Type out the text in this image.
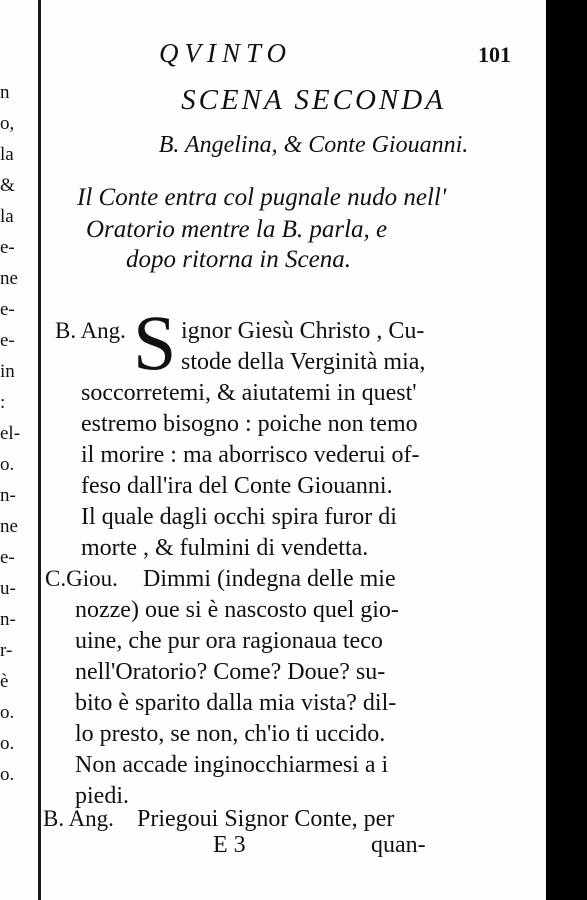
n
o,
la
&
la
e-
ne
e-
e-
in
:
el-
o.
n-
ne
e-
u-
n-
r-
è
o.
o.
o.
QVINTO	101
SCENA SECONDA
B. Angelina, & Conte Giouanni.
Il Conte entra col pugnale nudo nell'
Oratorio mentre la B. parla, e
dopo ritorna in Scena.
B. Ang. S ignor Giesù Christo , Cu-
stode della Verginità mia,
soccorretemi, & aiutatemi in quest'
estremo bisogno : poiche non temo
il morire : ma aborrisco vederui of-
feso dall'ira del Conte Giouanni.
Il quale dagli occhi spira furor di
morte , & fulmini di vendetta.
C.Giou. Dimmi (indegna delle mie
nozze) oue si è nascosto quel gio-
uine, che pur ora ragionaua teco
nell'Oratorio? Come? Doue? su-
bito è sparito dalla mia vista? dil-
lo presto, se non, ch'io ti uccido.
Non accade inginocchiarmesi a i
piedi.
B. Ang. Priegoui Signor Conte, per
E 3	quan-
